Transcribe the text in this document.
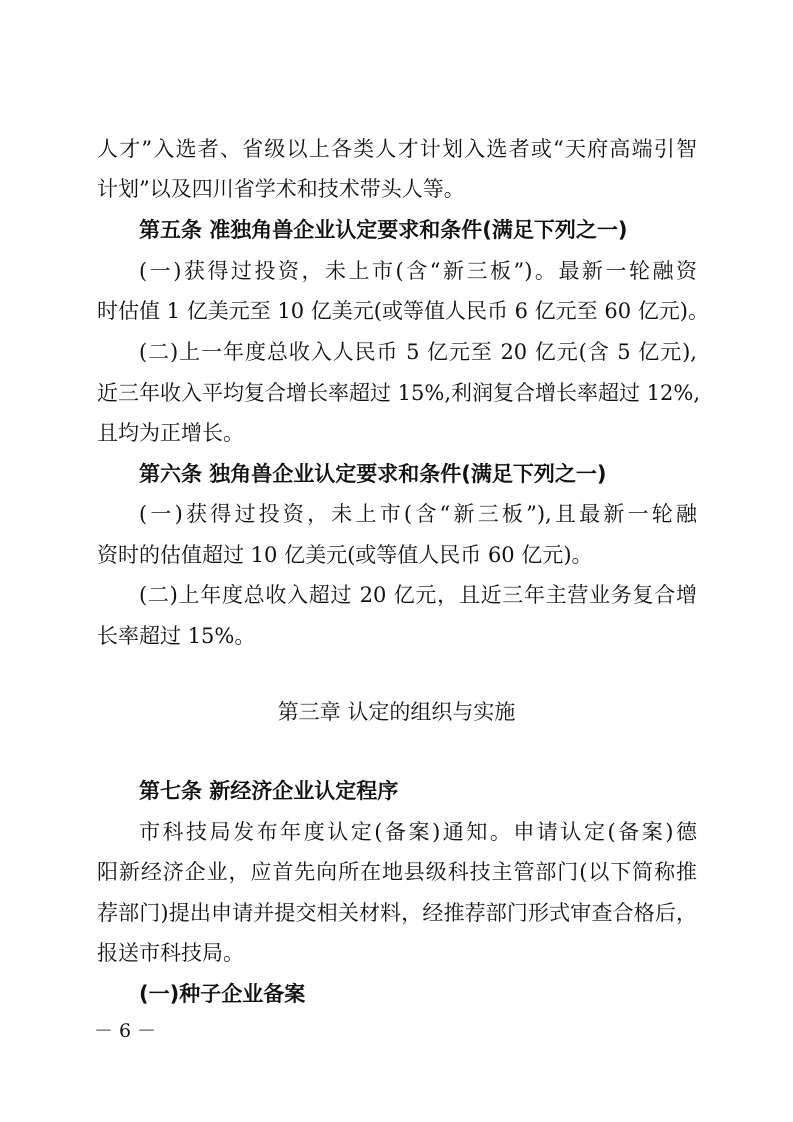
人才”入选者、省级以上各类人才计划入选者或“天府高端引智
计划”以及四川省学术和技术带头人等。
第五条 准独角兽企业认定要求和条件(满足下列之一)
(一)获得过投资，未上市(含“新三板”)。最新一轮融资
时估值 1 亿美元至 10 亿美元(或等值人民币 6 亿元至 60 亿元)。
(二)上一年度总收入人民币 5 亿元至 20 亿元(含 5 亿元),
近三年收入平均复合增长率超过 15%,利润复合增长率超过 12%,
且均为正增长。
第六条 独角兽企业认定要求和条件(满足下列之一)
(一)获得过投资，未上市(含“新三板”),且最新一轮融
资时的估值超过 10 亿美元(或等值人民币 60 亿元)。
(二)上年度总收入超过 20 亿元，且近三年主营业务复合增
长率超过 15%。
第三章 认定的组织与实施
第七条 新经济企业认定程序
市科技局发布年度认定(备案)通知。申请认定(备案)德
阳新经济企业，应首先向所在地县级科技主管部门(以下简称推
荐部门)提出申请并提交相关材料，经推荐部门形式审查合格后，
报送市科技局。
(一)种子企业备案
－ 6 －
